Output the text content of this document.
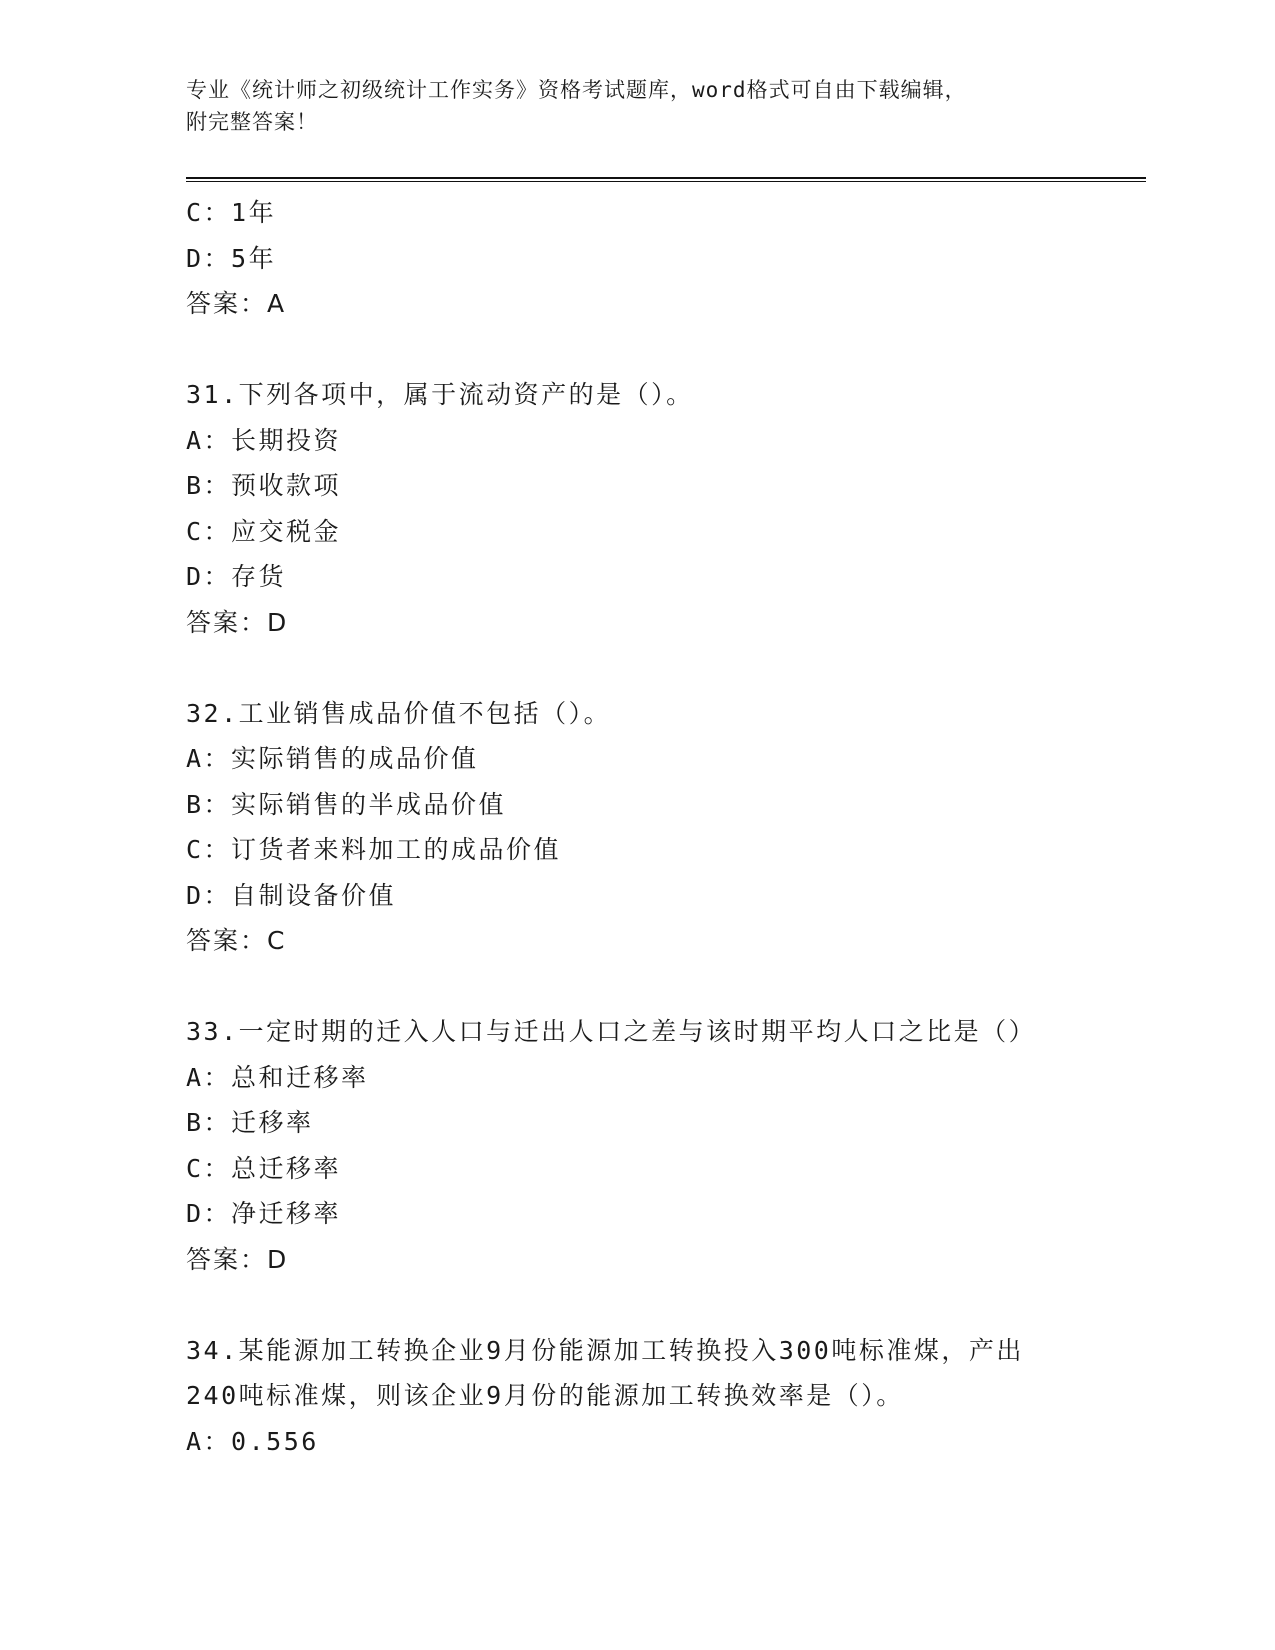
专业《统计师之初级统计工作实务》资格考试题库，word格式可自由下载编辑，
附完整答案！
C：1年
D：5年
答案：A
31.下列各项中，属于流动资产的是（）。
A：长期投资
B：预收款项
C：应交税金
D：存货
答案：D
32.工业销售成品价值不包括（）。
A：实际销售的成品价值
B：实际销售的半成品价值
C：订货者来料加工的成品价值
D：自制设备价值
答案：C
33.一定时期的迁入人口与迁出人口之差与该时期平均人口之比是（）
A：总和迁移率
B：迁移率
C：总迁移率
D：净迁移率
答案：D
34.某能源加工转换企业9月份能源加工转换投入300吨标准煤，产出
240吨标准煤，则该企业9月份的能源加工转换效率是（）。
A：0.556
